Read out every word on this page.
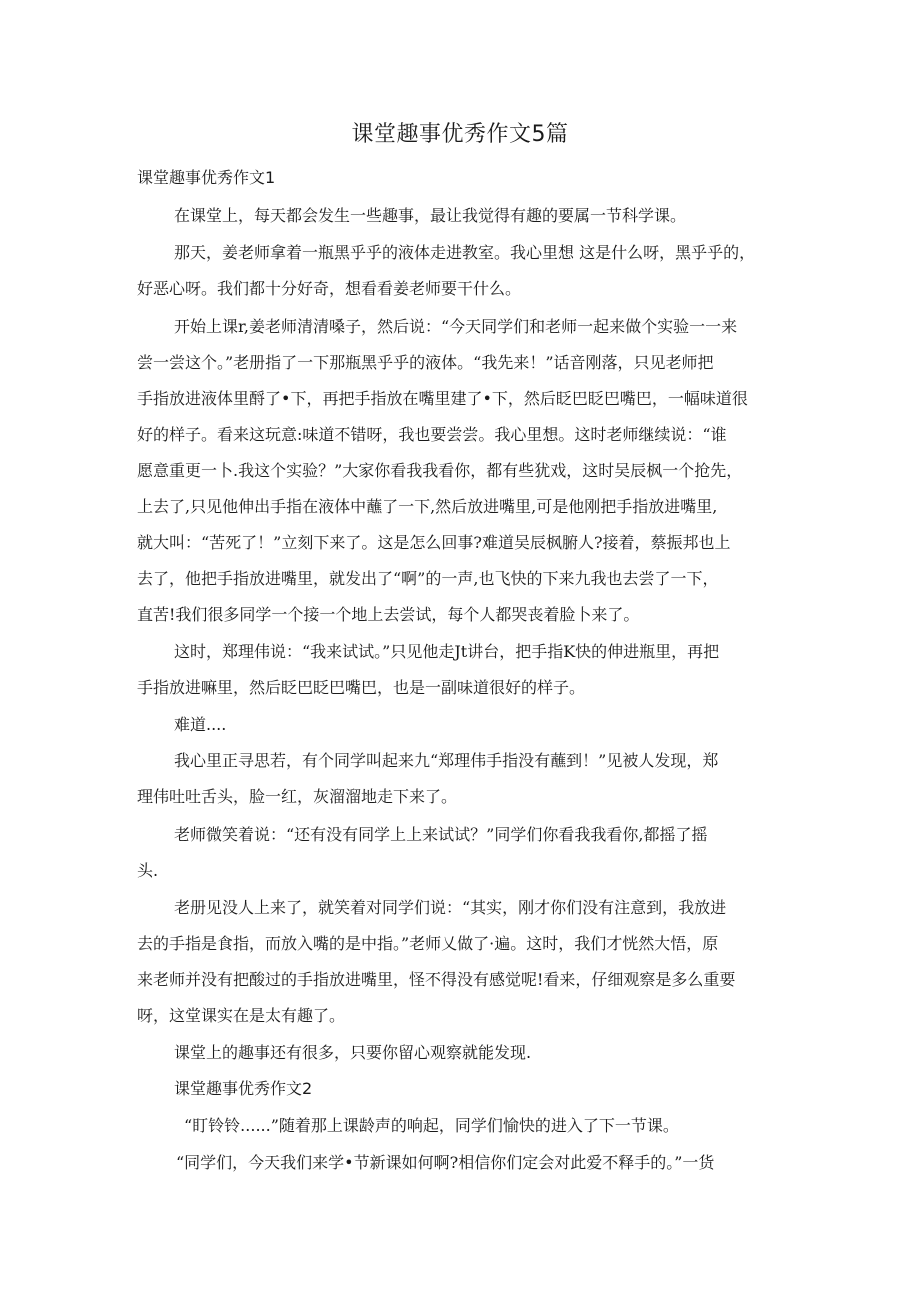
课堂趣事优秀作文5篇
课堂趣事优秀作文1
在课堂上，每天都会发生一些趣事，最让我觉得有趣的要属一节科学课。
那天，姜老师拿着一瓶黑乎乎的液体走进教室。我心里想 这是什么呀，黑乎乎的，
好恶心呀。我们都十分好奇，想看看姜老师要干什么。
开始上课r,姜老师清清嗓子，然后说：“今天同学们和老师一起来做个实验一一来
尝一尝这个。”老册指了一下那瓶黑乎乎的液体。“我先来！”话音刚落，只见老师把
手指放进液体里酹了•下，再把手指放在嘴里建了•下，然后眨巴眨巴嘴巴，一幅味道很
好的样子。看来这玩意:味道不错呀，我也要尝尝。我心里想。这时老师继续说：“谁
愿意重更一卜.我这个实验？”大家你看我我看你，都有些犹戏，这时吴辰枫一个抢先，
上去了,只见他伸出手指在液体中蘸了一下,然后放进嘴里,可是他刚把手指放进嘴里,
就大叫：“苦死了！”立刻下来了。这是怎么回事?难道吴辰枫腑人?接着，蔡振邦也上
去了，他把手指放进嘴里，就发出了“啊”的一声,也飞快的下来九我也去尝了一下，
直苦!我们很多同学一个接一个地上去尝试，每个人都哭丧着脸卜来了。
这时，郑理伟说：“我来试试。”只见他走Jt讲台，把手指K快的伸进瓶里，再把
手指放进嘛里，然后眨巴眨巴嘴巴，也是一副味道很好的样子。
难道....
我心里正寻思若，有个同学叫起来九“郑理伟手指没有蘸到！”见被人发现，郑
理伟吐吐舌头，脸一红，灰溜溜地走下来了。
老师微笑着说：“还有没有同学上上来试试？”同学们你看我我看你,都摇了摇
头.
老册见没人上来了，就笑着对同学们说：“其实，刚才你们没有注意到，我放进
去的手指是食指，而放入嘴的是中指。”老师乂做了·遍。这时，我们才恍然大悟，原
来老师并没有把酸过的手指放进嘴里，怪不得没有感觉呢!看来，仔细观察是多么重要
呀，这堂课实在是太有趣了。
课堂上的趣事还有很多，只要你留心观察就能发现.
课堂趣事优秀作文2
“盯铃铃......”随着那上课龄声的响起，同学们愉快的进入了下一节课。
“同学们，今天我们来学•节新课如何啊?相信你们定会对此爱不释手的。”一货
